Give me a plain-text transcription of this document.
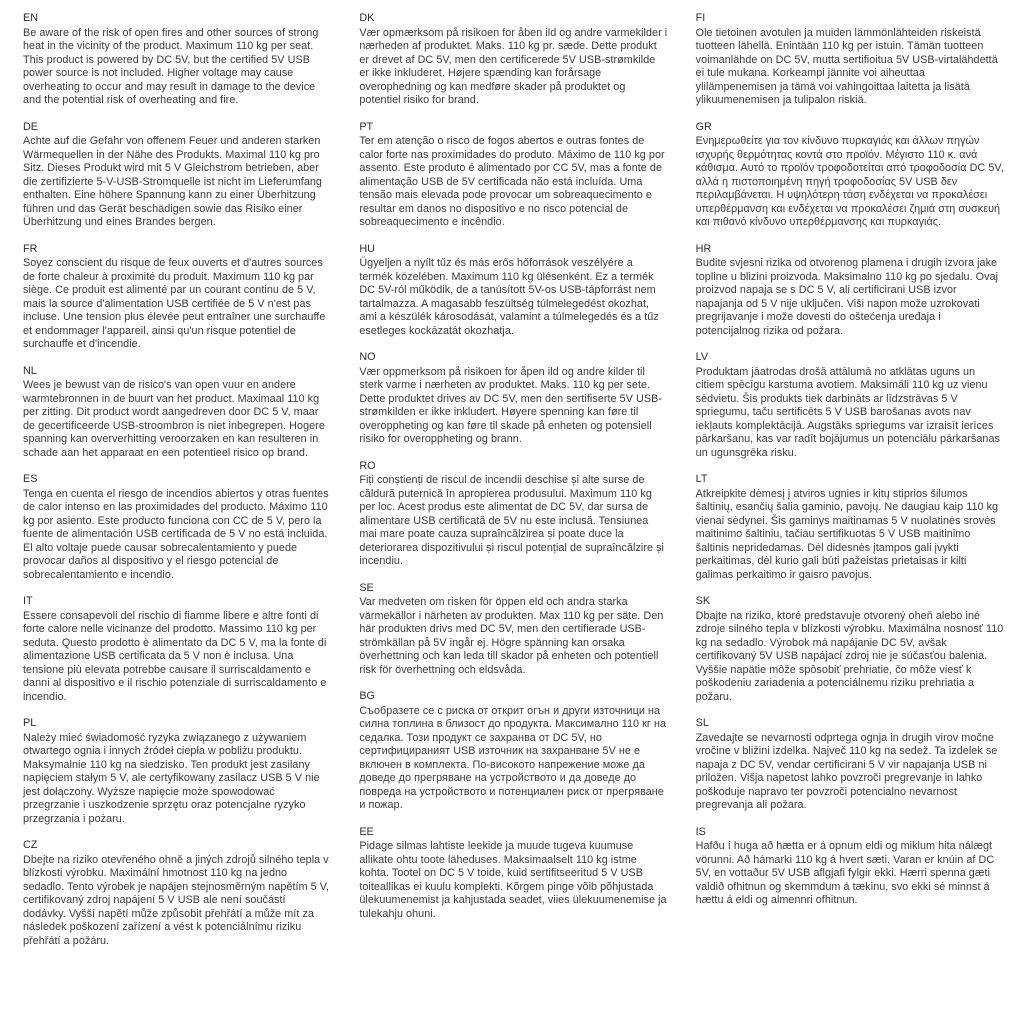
EN

Be aware of the risk of open fires and other sources of strong heat in the vicinity of the product. Maximum 110 kg per seat. This product is powered by DC 5V, but the certified 5V USB power source is not included. Higher voltage may cause overheating to occur and may result in damage to the device and the potential risk of overheating and fire.

DE

Achte auf die Gefahr von offenem Feuer und anderen starken Wärmequellen in der Nähe des Produkts. Maximal 110 kg pro Sitz. Dieses Produkt wird mit 5 V Gleichstrom betrieben, aber die zertifizierte 5-V-USB-Stromquelle ist nicht im Lieferumfang enthalten. Eine höhere Spannung kann zu einer Überhitzung führen und das Gerät beschädigen sowie das Risiko einer Überhitzung und eines Brandes bergen.

FR

Soyez conscient du risque de feux ouverts et d'autres sources de forte chaleur à proximité du produit. Maximum 110 kg par siège. Ce produit est alimenté par un courant continu de 5 V, mais la source d'alimentation USB certifiée de 5 V n'est pas incluse. Une tension plus élevée peut entraîner une surchauffe et endommager l'appareil, ainsi qu'un risque potentiel de surchauffe et d'incendie.

NL

Wees je bewust van de risico's van open vuur en andere warmtebronnen in de buurt van het product. Maximaal 110 kg per zitting. Dit product wordt aangedreven door DC 5 V, maar de gecertificeerde USB-stroombron is niet inbegrepen. Hogere spanning kan oververhitting veroorzaken en kan resulteren in schade aan het apparaat en een potentieel risico op brand.

ES

Tenga en cuenta el riesgo de incendios abiertos y otras fuentes de calor intenso en las proximidades del producto. Máximo 110 kg por asiento. Este producto funciona con CC de 5 V, pero la fuente de alimentación USB certificada de 5 V no está incluida. El alto voltaje puede causar sobrecalentamiento y puede provocar daños al dispositivo y el riesgo potencial de sobrecalentamiento e incendio.

IT

Essere consapevoli del rischio di fiamme libere e altre fonti di forte calore nelle vicinanze del prodotto. Massimo 110 kg per seduta. Questo prodotto è alimentato da DC 5 V, ma la fonte di alimentazione USB certificata da 5 V non è inclusa. Una tensione più elevata potrebbe causare il surriscaldamento e danni al dispositivo e il rischio potenziale di surriscaldamento e incendio.

PL

Należy mieć świadomość ryzyka związanego z używaniem otwartego ognia i innych źródeł ciepła w pobliżu produktu. Maksymalnie 110 kg na siedzisko. Ten produkt jest zasilany napięciem stałym 5 V, ale certyfikowany zasilacz USB 5 V nie jest dołączony. Wyższe napięcie może spowodować przegrzanie i uszkodzenie sprzętu oraz potencjalne ryzyko przegrzania i pożaru.

CZ

Dbejte na riziko otevřeného ohně a jiných zdrojů silného tepla v blízkosti výrobku. Maximální hmotnost 110 kg na jedno sedadlo. Tento výrobek je napájen stejnosměrným napětím 5 V, certifikovaný zdroj napájení 5 V USB ale není součástí dodávky. Vyšší napětí může způsobit přehřátí a může mít za následek poškození zařízení a vést k potenciálnímu riziku přehřátí a požáru.

DK

Vær opmærksom på risikoen for åben ild og andre varmekilder i nærheden af produktet. Maks. 110 kg pr. sæde. Dette produkt er drevet af DC 5V, men den certificerede 5V USB-strømkilde er ikke inkluderet. Højere spænding kan forårsage overophedning og kan medføre skader på produktet og potentiel risiko for brand.

PT

Ter em atenção o risco de fogos abertos e outras fontes de calor forte nas proximidades do produto. Máximo de 110 kg por assento. Este produto é alimentado por CC 5V, mas a fonte de alimentação USB de 5V certificada não está incluída. Uma tensão mais elevada pode provocar um sobreaquecimento e resultar em danos no dispositivo e no risco potencial de sobreaquecimento e incêndio.

HU

Ügyeljen a nyílt tűz és más erős hőforrások veszélyére a termék közelében. Maximum 110 kg ülésenként. Ez a termék DC 5V-ról működik, de a tanúsított 5V-os USB-tápforrást nem tartalmazza. A magasabb feszültség túlmelegedést okozhat, ami a készülék károsodását, valamint a túlmelegedés és a tűz esetleges kockázatát okozhatja.

NO

Vær oppmerksom på risikoen for åpen ild og andre kilder til sterk varme i nærheten av produktet. Maks. 110 kg per sete. Dette produktet drives av DC 5V, men den sertifiserte 5V USB-strømkilden er ikke inkludert. Høyere spenning kan føre til overoppheting og kan føre til skade på enheten og potensiell risiko for overoppheting og brann.

RO

Fiți conștienți de riscul de incendii deschise și alte surse de căldură puternică în apropierea produsului. Maximum 110 kg per loc. Acest produs este alimentat de DC 5V, dar sursa de alimentare USB certificată de 5V nu este inclusă. Tensiunea mai mare poate cauza supraîncălzirea și poate duce la deteriorarea dispozitivului și riscul potențial de supraîncălzire și incendiu.

SE

Var medveten om risken för öppen eld och andra starka värmekällor i närheten av produkten. Max 110 kg per säte. Den här produkten drivs med DC 5V, men den certifierade USB-strömkällan på 5V ingår ej. Högre spänning kan orsaka överhettning och kan leda till skador på enheten och potentiell risk för överhettning och eldsvåda.

BG

Съобразете се с риска от открит огън и други източници на силна топлина в близост до продукта. Максимално 110 кг на седалка. Този продукт се захранва от DC 5V, но сертифицираният USB източник на захранване 5V не е включен в комплекта. По-високото напрежение може да доведе до прегряване на устройството и да доведе до повреда на устройството и потенциален риск от прегряване и пожар.

EE

Pidage silmas lahtiste leekide ja muude tugeva kuumuse allikate ohtu toote läheduses. Maksimaalselt 110 kg istme kohta. Tootel on DC 5 V toide, kuid sertifitseeritud 5 V USB toiteallikas ei kuulu komplekti. Kõrgem pinge võib põhjustada ülekuumenemist ja kahjustada seadet, viies ülekuumenemise ja tulekahju ohuni.

FI

Ole tietoinen avotulen ja muiden lämmönlähteiden riskeistä tuotteen lähellä. Enintään 110 kg per istuin. Tämän tuotteen voimanlähde on DC 5V, mutta sertifioitua 5V USB-virtalähdettä ei tule mukana. Korkeampi jännite voi aiheuttaa ylilämpenemisen ja tämä voi vahingoittaa laitetta ja lisätä ylikuumenemisen ja tulipalon riskiä.

GR

Ενημερωθείτε για τον κίνδυνο πυρκαγιάς και άλλων πηγών ισχυρής θερμότητας κοντά στο προϊόν. Μέγιστο 110 κ. ανά κάθισμα. Αυτό το προϊόν τροφοδοτείται από τροφοδοσία DC 5V, αλλά η πιστοποιημένη πηγή τροφοδοσίας 5V USB δεν περιλαμβάνεται. Η υψηλότερη τάση ενδέχεται να προκαλέσει υπερθέρμανση και ενδέχεται να προκαλέσει ζημιά στη συσκευή και πιθανό κίνδυνο υπερθέρμανσης και πυρκαγιάς.

HR

Budite svjesni rizika od otvorenog plamena i drugih izvora jake topline u blizini proizvoda. Maksimalno 110 kg po sjedalu. Ovaj proizvod napaja se s DC 5 V, ali certificirani USB izvor napajanja od 5 V nije uključen. Viši napon može uzrokovati pregrijavanje i može dovesti do oštećenja uređaja i potencijalnog rizika od požara.

LV

Produktam jāatrodas drošā attālumā no atklātas uguns un citiem spēcīgu karstuma avotiem. Maksimāli 110 kg uz vienu sēdvietu. Šis produkts tiek darbināts ar līdzstrāvas 5 V spriegumu, taču sertificēts 5 V USB barošanas avots nav iekļauts komplektācijā. Augstāks spriegums var izraisīt ierīces pārkaršanu, kas var radīt bojājumus un potenciālu pārkaršanas un ugunsgrēka risku.

LT

Atkreipkite dėmesį į atviros ugnies ir kitų stiprios šilumos šaltinių, esančių šalia gaminio, pavojų. Ne daugiau kaip 110 kg vienai sėdynei. Šis gaminys maitinamas 5 V nuolatinės srovės maitinimo šaltiniu, tačiau sertifikuotas 5 V USB maitinimo šaltinis nepridedamas. Dėl didesnės įtampos gali įvykti perkaitimas, dėl kurio gali būti pažeistas prietaisas ir kilti galimas perkaitimo ir gaisro pavojus.

SK

Dbajte na riziko, ktoré predstavuje otvorený oheň alebo iné zdroje silného tepla v blízkosti výrobku. Maximálna nosnosť 110 kg na sedadlo. Výrobok má napájanie DC 5V, avšak certifikovaný 5V USB napájací zdroj nie je súčasťou balenia. Vyššie napätie môže spôsobiť prehriatie, čo môže viesť k poškodeniu zariadenia a potenciálnemu riziku prehriatia a požaru.

SL

Zavedajte se nevarnosti odprtega ognja in drugih virov močne vročine v bližini izdelka. Največ 110 kg na sedež. Ta izdelek se napaja z DC 5V, vendar certificirani 5 V vir napajanja USB ni priložen. Višja napetost lahko povzroči pregrevanje in lahko poškoduje napravo ter povzroči potencialno nevarnost pregrevanja ali požara.

IS

Hafðu í huga að hætta er á opnum eldi og miklum hita nálægt vörunni. Að hámarki 110 kg á hvert sæti. Varan er knúin af DC 5V, en vottaður 5V USB aflgjafi fylgir ekki. Hærri spenna gæti valdið ofhitnun og skemmdum á tækinu, svo ekki sé minnst á hættu á eldi og almennri ofhitnun.
